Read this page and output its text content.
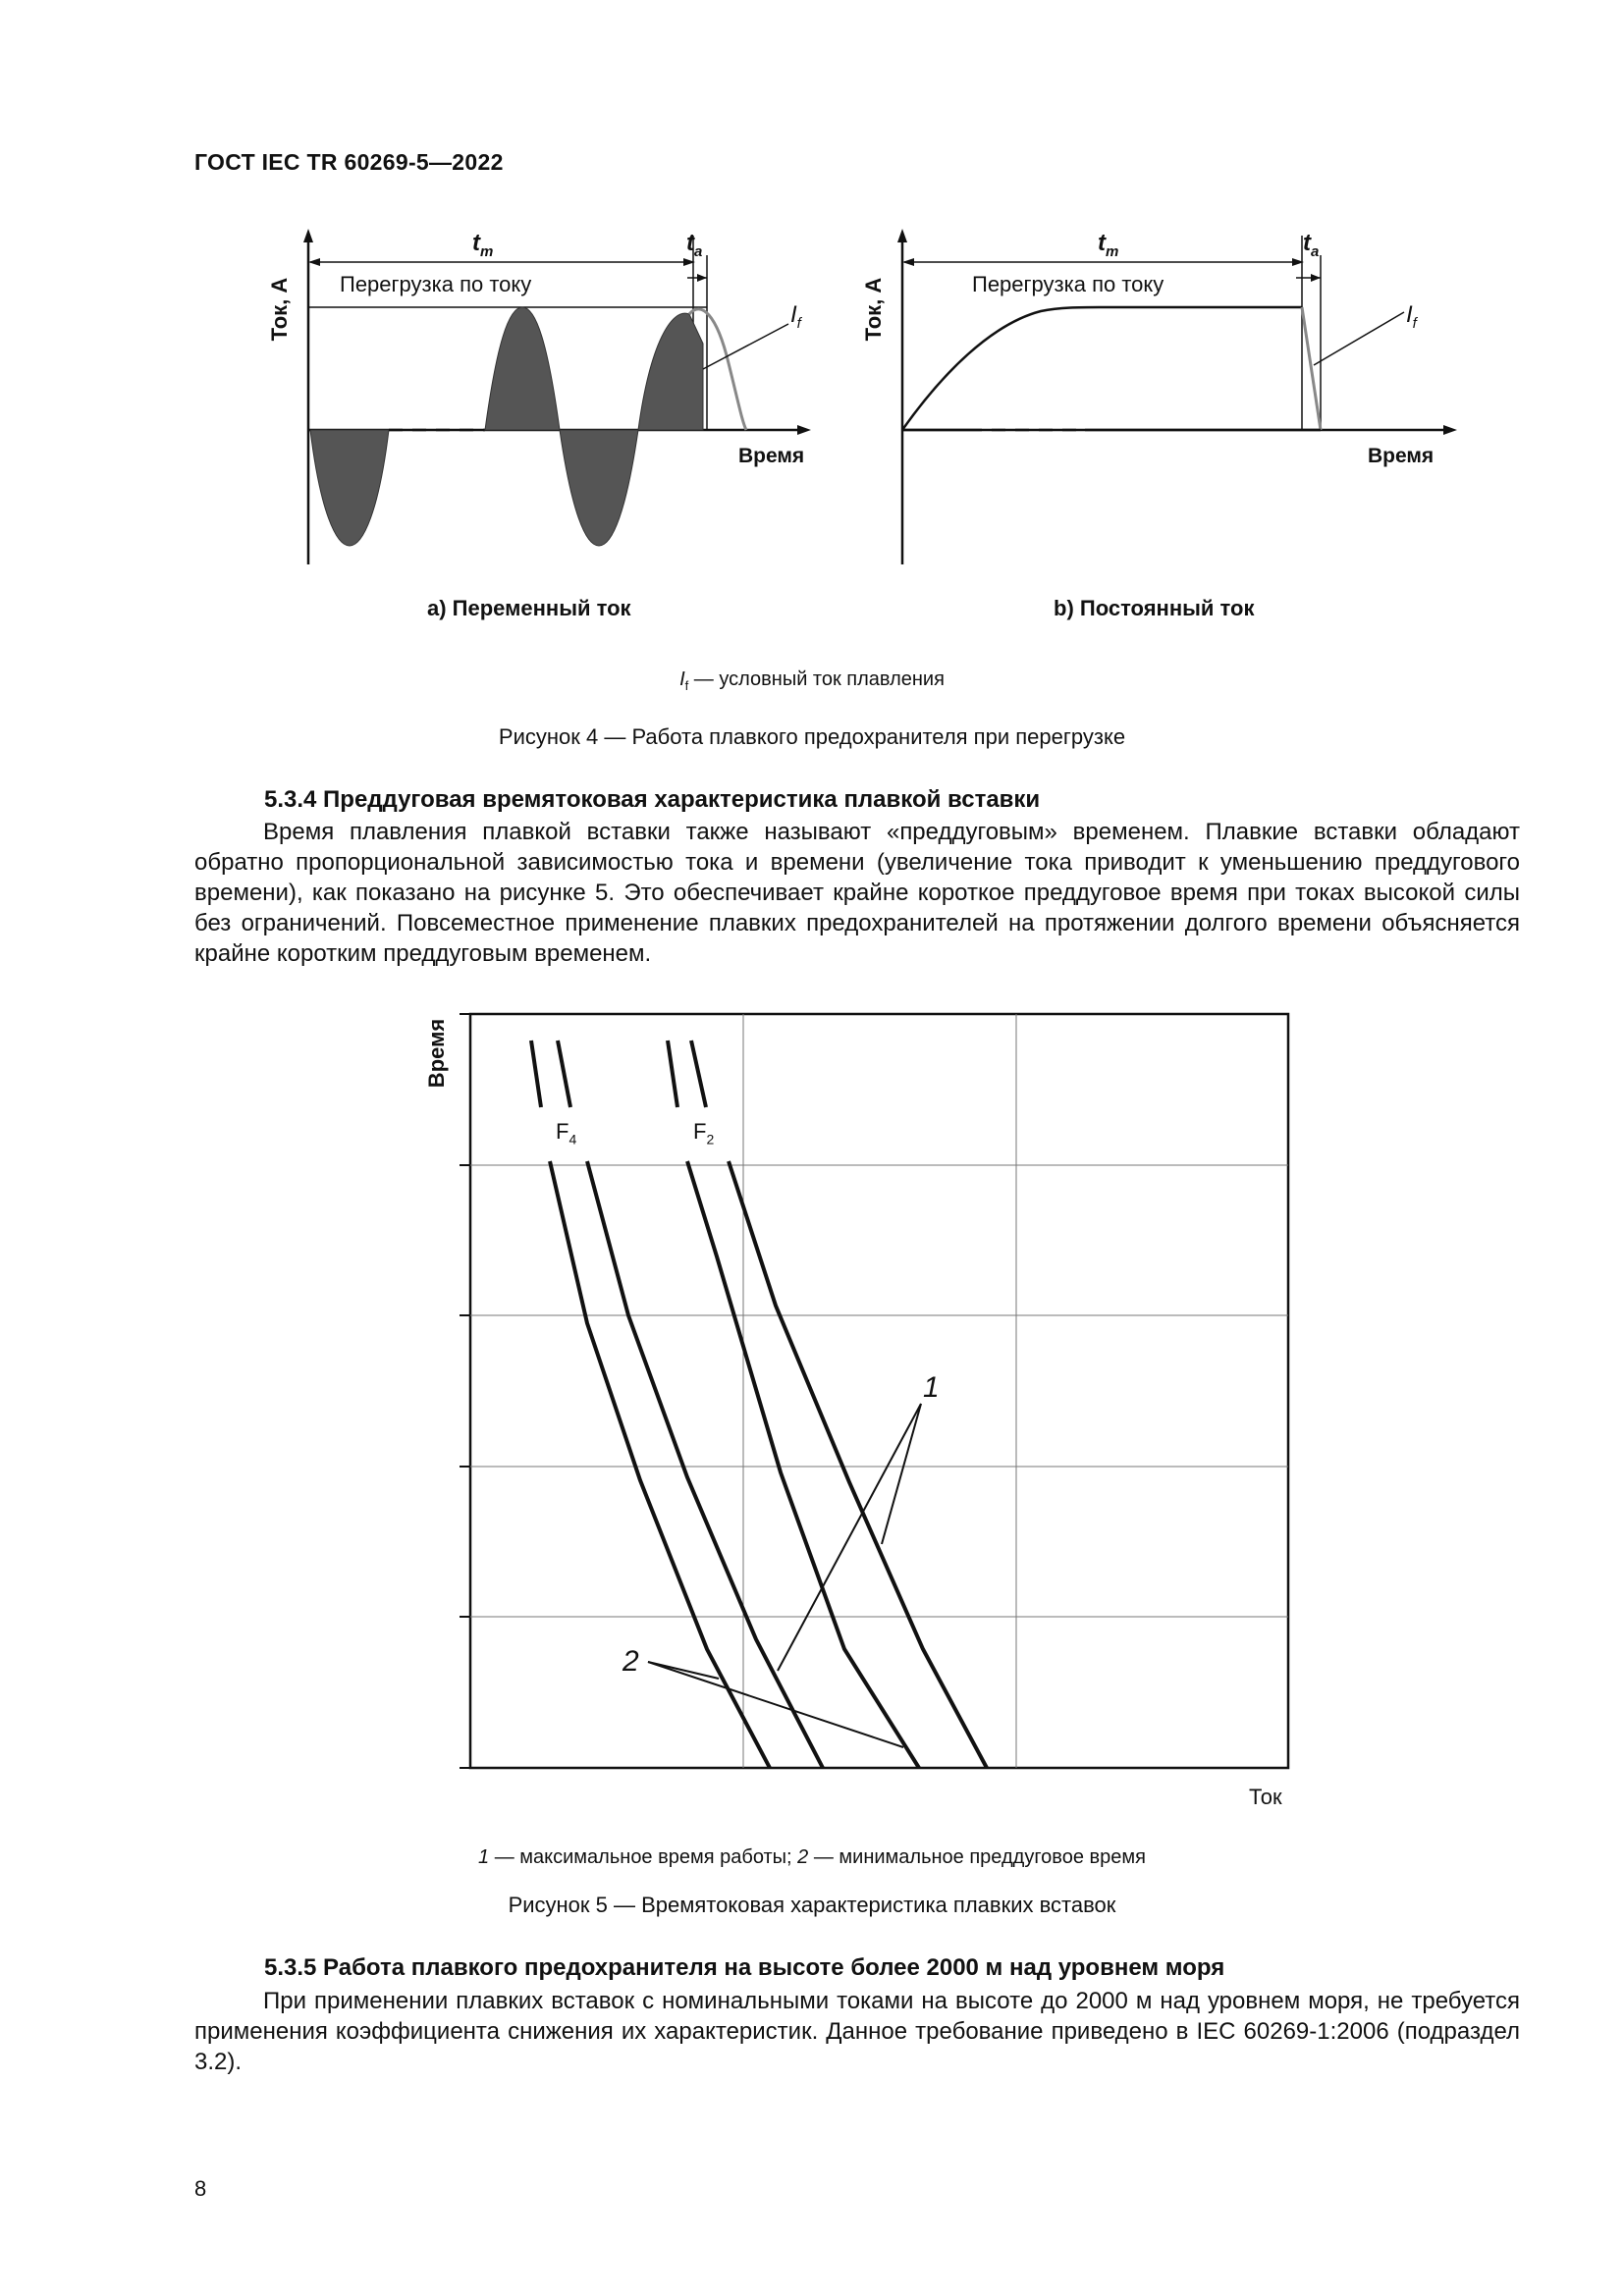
ГОСТ IEC TR 60269-5—2022
Ток, А
$t_m$	$t_a$
Перегрузка по току
$I_f$
Время
a) Переменный ток
Ток, А
$t_m$	$t_a$
Перегрузка по току
$I_f$
Время
b) Постоянный ток
$I_f$ — условный ток плавления
Рисунок 4 — Работа плавкого предохранителя при перегрузке
5.3.4 Преддуговая времятоковая характеристика плавкой вставки
Время плавления плавкой вставки также называют «преддуговым» временем. Плавкие вставки обладают обратно пропорциональной зависимостью тока и времени (увеличение тока приводит к уменьшению преддугового времени), как показано на рисунке 5. Это обеспечивает крайне короткое преддуговое время при токах высокой силы без ограничений. Повсеместное применение плавких предохранителей на протяжении долгого времени объясняется крайне коротким преддуговым временем.
Время
$F_4$	$F_2$
1
2
Ток
1 — максимальное время работы; 2 — минимальное преддуговое время
Рисунок 5 — Времятоковая характеристика плавких вставок
5.3.5 Работа плавкого предохранителя на высоте более 2000 м над уровнем моря
При применении плавких вставок с номинальными токами на высоте до 2000 м над уровнем моря, не требуется применения коэффициента снижения их характеристик. Данное требование приведено в IEC 60269-1:2006 (подраздел 3.2).
8
